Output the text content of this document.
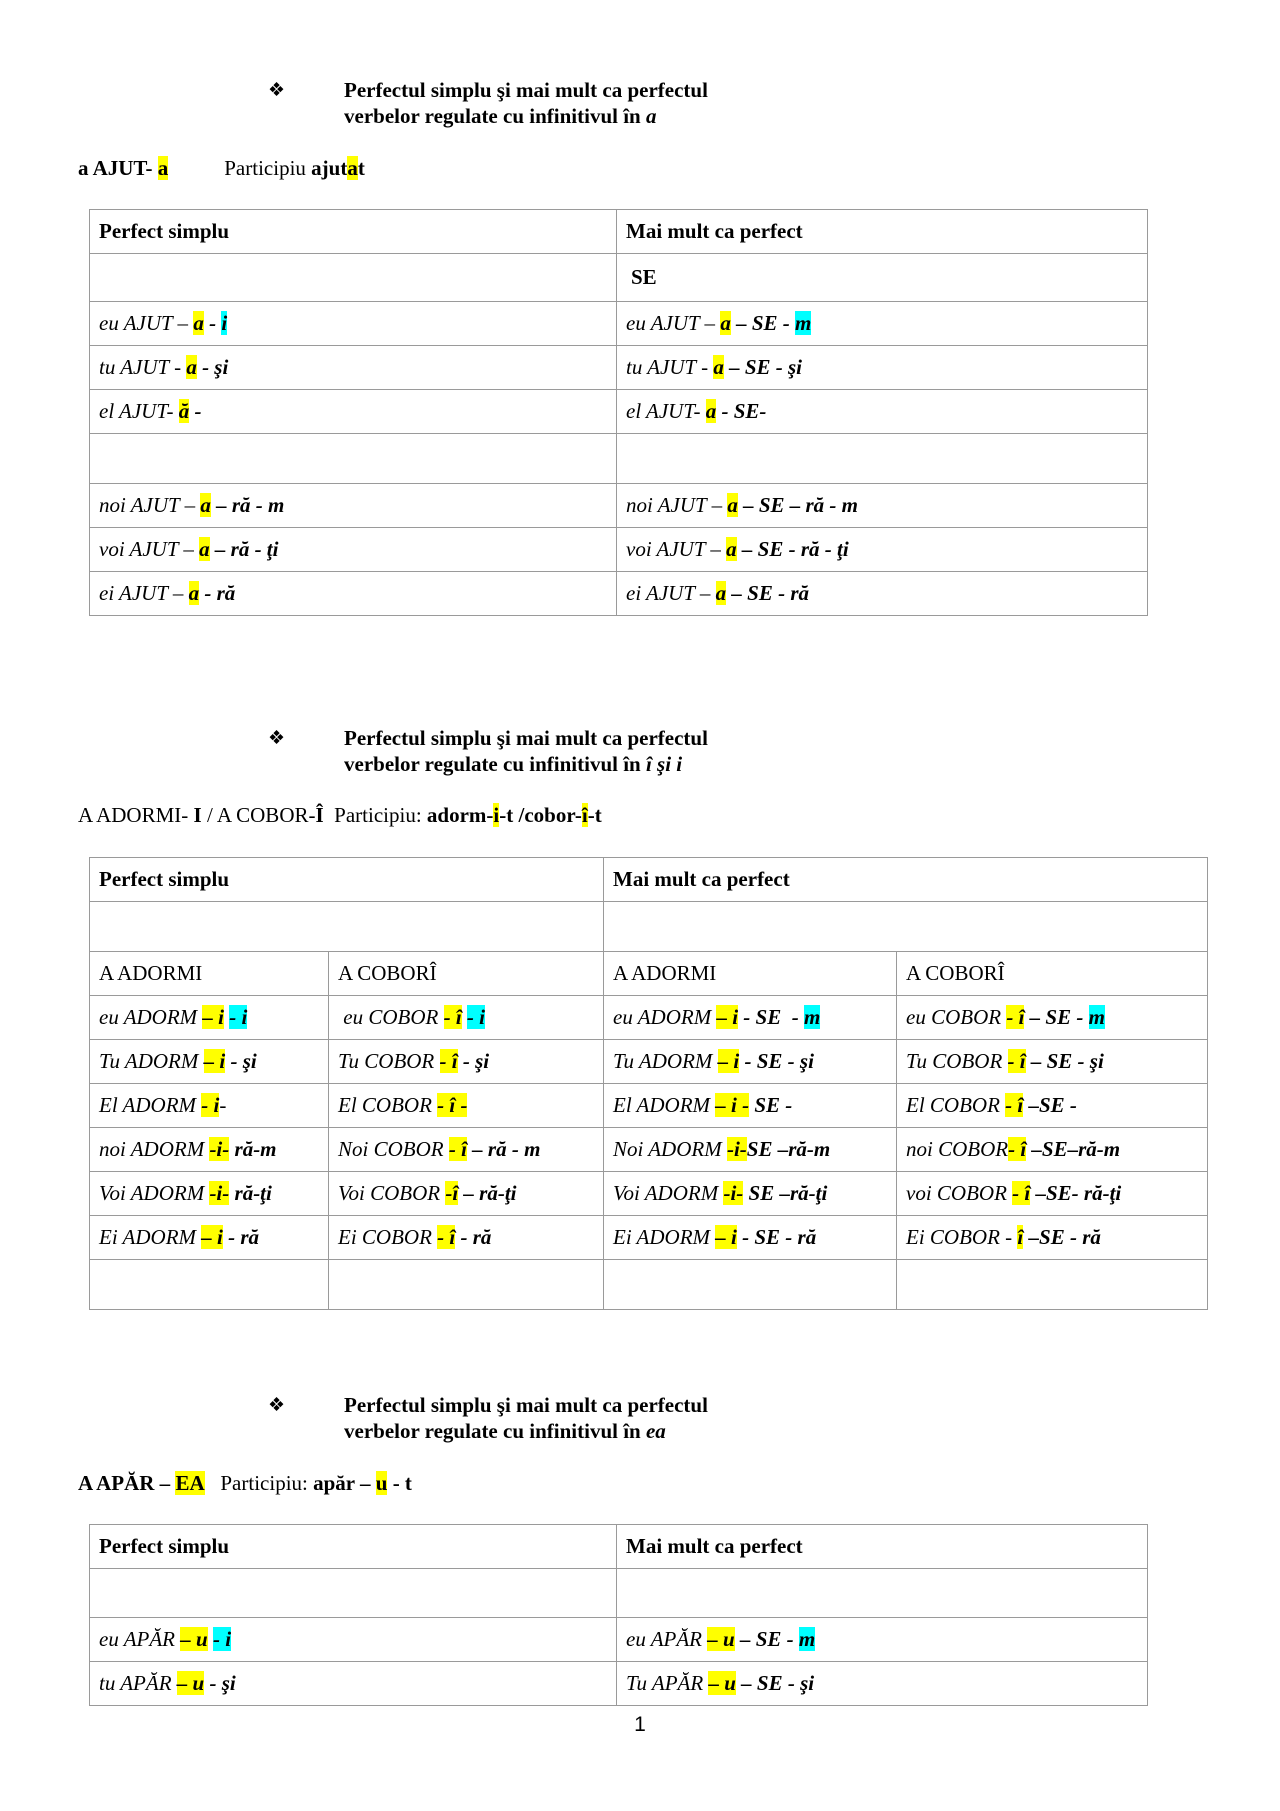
❖	Perfectul simplu şi mai mult ca perfectul
verbelor regulate cu infinitivul în a
a AJUT- a	Participiu ajutat
Perfect simplu	Mai mult ca perfect
	SE
eu AJUT – a - i	eu AJUT – a – SE - m
tu AJUT - a - şi	tu AJUT - a – SE - şi
el AJUT- ă -	el AJUT- a - SE-

noi AJUT – a – ră - m	noi AJUT – a – SE – ră - m
voi AJUT – a – ră - ţi	voi AJUT – a – SE - ră - ţi
ei AJUT – a - ră	ei AJUT – a – SE - ră
❖	Perfectul simplu şi mai mult ca perfectul
verbelor regulate cu infinitivul în î şi i
A ADORMI- I / A COBOR-Î  Participiu: adorm-i-t /cobor-î-t
Perfect simplu		Mai mult ca perfect	

A ADORMI	A COBORÎ	A ADORMI	A COBORÎ
eu ADORM – i - i	eu COBOR - î - i	eu ADORM – i - SE  - m	eu COBOR - î – SE - m
Tu ADORM – i - şi	Tu COBOR - î - şi	Tu ADORM – i - SE - şi	Tu COBOR - î – SE - şi
El ADORM - i-	El COBOR - î -	El ADORM – i - SE -	El COBOR - î –SE -
noi ADORM -i- ră-m	Noi COBOR - î – ră - m	Noi ADORM -i-SE –ră-m	noi COBOR- î –SE–ră-m
Voi ADORM -i- ră-ţi	Voi COBOR -î – ră-ţi	Voi ADORM -i- SE –ră-ţi	voi COBOR - î –SE- ră-ţi
Ei ADORM – i - ră	Ei COBOR - î - ră	Ei ADORM – i - SE - ră	Ei COBOR - î –SE - ră

❖	Perfectul simplu şi mai mult ca perfectul
verbelor regulate cu infinitivul în ea
A APĂR – EA   Participiu: apăr – u - t
Perfect simplu	Mai mult ca perfect

eu APĂR – u - i	eu APĂR – u – SE - m
tu APĂR – u - şi	Tu APĂR – u – SE - şi
1
